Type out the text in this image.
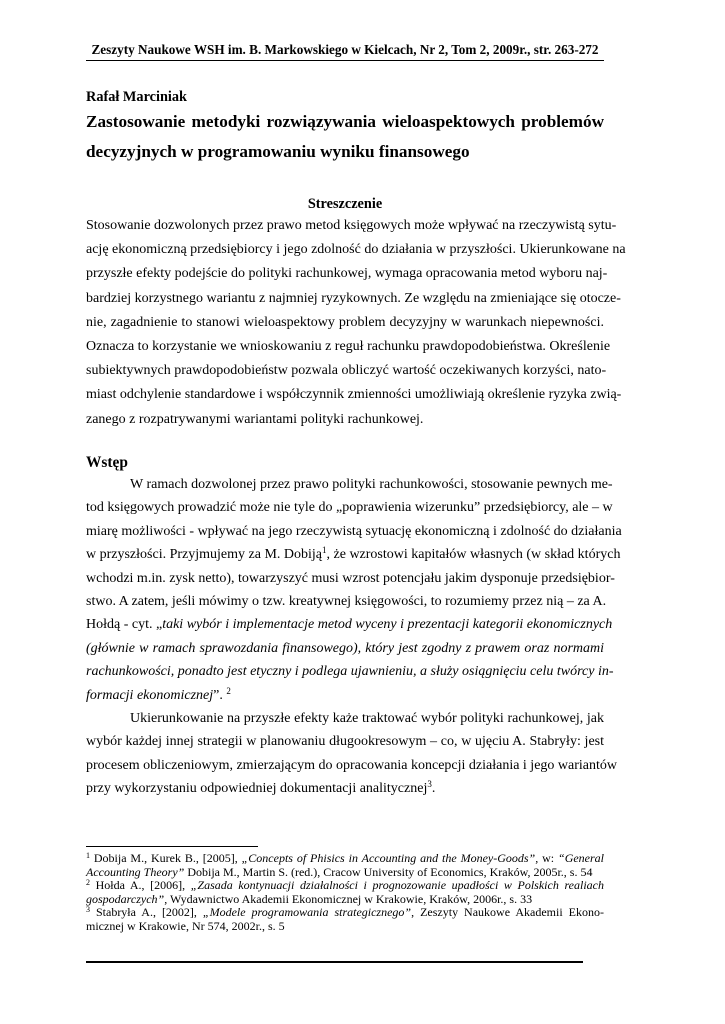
Zeszyty Naukowe WSH im. B. Markowskiego w Kielcach, Nr 2, Tom 2, 2009r., str. 263-272
Rafał Marciniak
Zastosowanie metodyki rozwiązywania wieloaspektowych problemów
decyzyjnych w programowaniu wyniku finansowego
Streszczenie
Stosowanie dozwolonych przez prawo metod księgowych może wpływać na rzeczywistą sytu-
ację ekonomiczną przedsiębiorcy i jego zdolność do działania w przyszłości. Ukierunkowane na
przyszłe efekty podejście do polityki rachunkowej, wymaga opracowania metod wyboru naj-
bardziej korzystnego wariantu z najmniej ryzykownych. Ze względu na zmieniające się otocze-
nie, zagadnienie to stanowi wieloaspektowy problem decyzyjny w warunkach niepewności.
Oznacza to korzystanie we wnioskowaniu z reguł rachunku prawdopodobieństwa. Określenie
subiektywnych prawdopodobieństw pozwala obliczyć wartość oczekiwanych korzyści, nato-
miast odchylenie standardowe i współczynnik zmienności umożliwiają określenie ryzyka zwią-
zanego z rozpatrywanymi wariantami polityki rachunkowej.
Wstęp
W ramach dozwolonej przez prawo polityki rachunkowości, stosowanie pewnych me-
tod księgowych prowadzić może nie tyle do „poprawienia wizerunku” przedsiębiorcy, ale – w
miarę możliwości - wpływać na jego rzeczywistą sytuację ekonomiczną i zdolność do działania
w przyszłości. Przyjmujemy za M. Dobiją$^1$, że wzrostowi kapitałów własnych (w skład których
wchodzi m.in. zysk netto), towarzyszyć musi wzrost potencjału jakim dysponuje przedsiębior-
stwo. A zatem, jeśli mówimy o tzw. kreatywnej księgowości, to rozumiemy przez nią – za A.
Hołdą - cyt. „taki wybór i implementacje metod wyceny i prezentacji kategorii ekonomicznych
(głównie w ramach sprawozdania finansowego), który jest zgodny z prawem oraz normami
rachunkowości, ponadto jest etyczny i podlega ujawnieniu, a służy osiągnięciu celu twórcy in-
formacji ekonomicznej”. $^2$
Ukierunkowanie na przyszłe efekty każe traktować wybór polityki rachunkowej, jak
wybór każdej innej strategii w planowaniu długookresowym – co, w ujęciu A. Stabryły: jest
procesem obliczeniowym, zmierzającym do opracowania koncepcji działania i jego wariantów
przy wykorzystaniu odpowiedniej dokumentacji analitycznej$^3$.
$^1$ Dobija M., Kurek B., [2005], „Concepts of Phisics in Accounting and the Money-Goods”, w: “General
Accounting Theory” Dobija M., Martin S. (red.), Cracow University of Economics, Kraków, 2005r., s. 54
$^2$ Hołda A., [2006], „Zasada kontynuacji działalności i prognozowanie upadłości w Polskich realiach
gospodarczych”, Wydawnictwo Akademii Ekonomicznej w Krakowie, Kraków, 2006r., s. 33
$^3$ Stabryła A., [2002], „Modele programowania strategicznego”, Zeszyty Naukowe Akademii Ekono-
micznej w Krakowie, Nr 574, 2002r., s. 5
